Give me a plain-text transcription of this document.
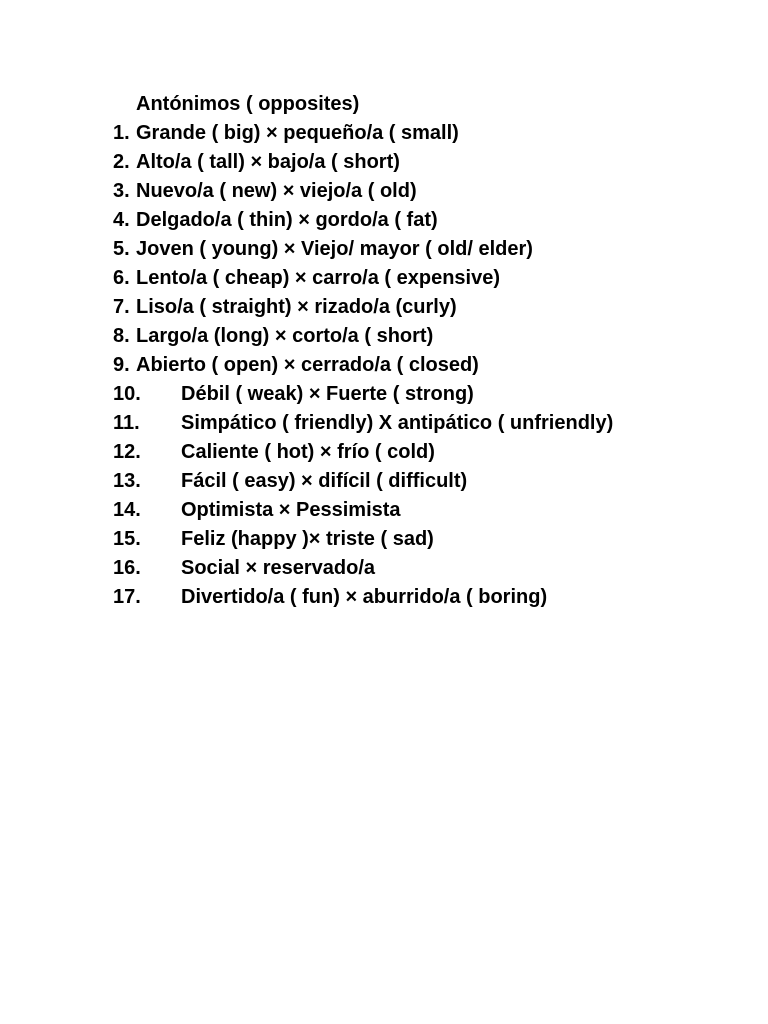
Antónimos ( opposites)
1. Grande ( big) × pequeño/a ( small)
2. Alto/a ( tall) × bajo/a ( short)
3. Nuevo/a ( new) × viejo/a ( old)
4. Delgado/a ( thin) × gordo/a ( fat)
5. Joven ( young) × Viejo/ mayor ( old/ elder)
6. Lento/a ( cheap) × carro/a ( expensive)
7. Liso/a ( straight) × rizado/a (curly)
8. Largo/a (long) × corto/a ( short)
9. Abierto ( open) × cerrado/a ( closed)
10. Débil ( weak) × Fuerte ( strong)
11. Simpático ( friendly) X antipático ( unfriendly)
12. Caliente ( hot) × frío ( cold)
13. Fácil ( easy) × difícil ( difficult)
14. Optimista × Pessimista
15. Feliz (happy )× triste ( sad)
16. Social × reservado/a
17. Divertido/a ( fun) × aburrido/a ( boring)
